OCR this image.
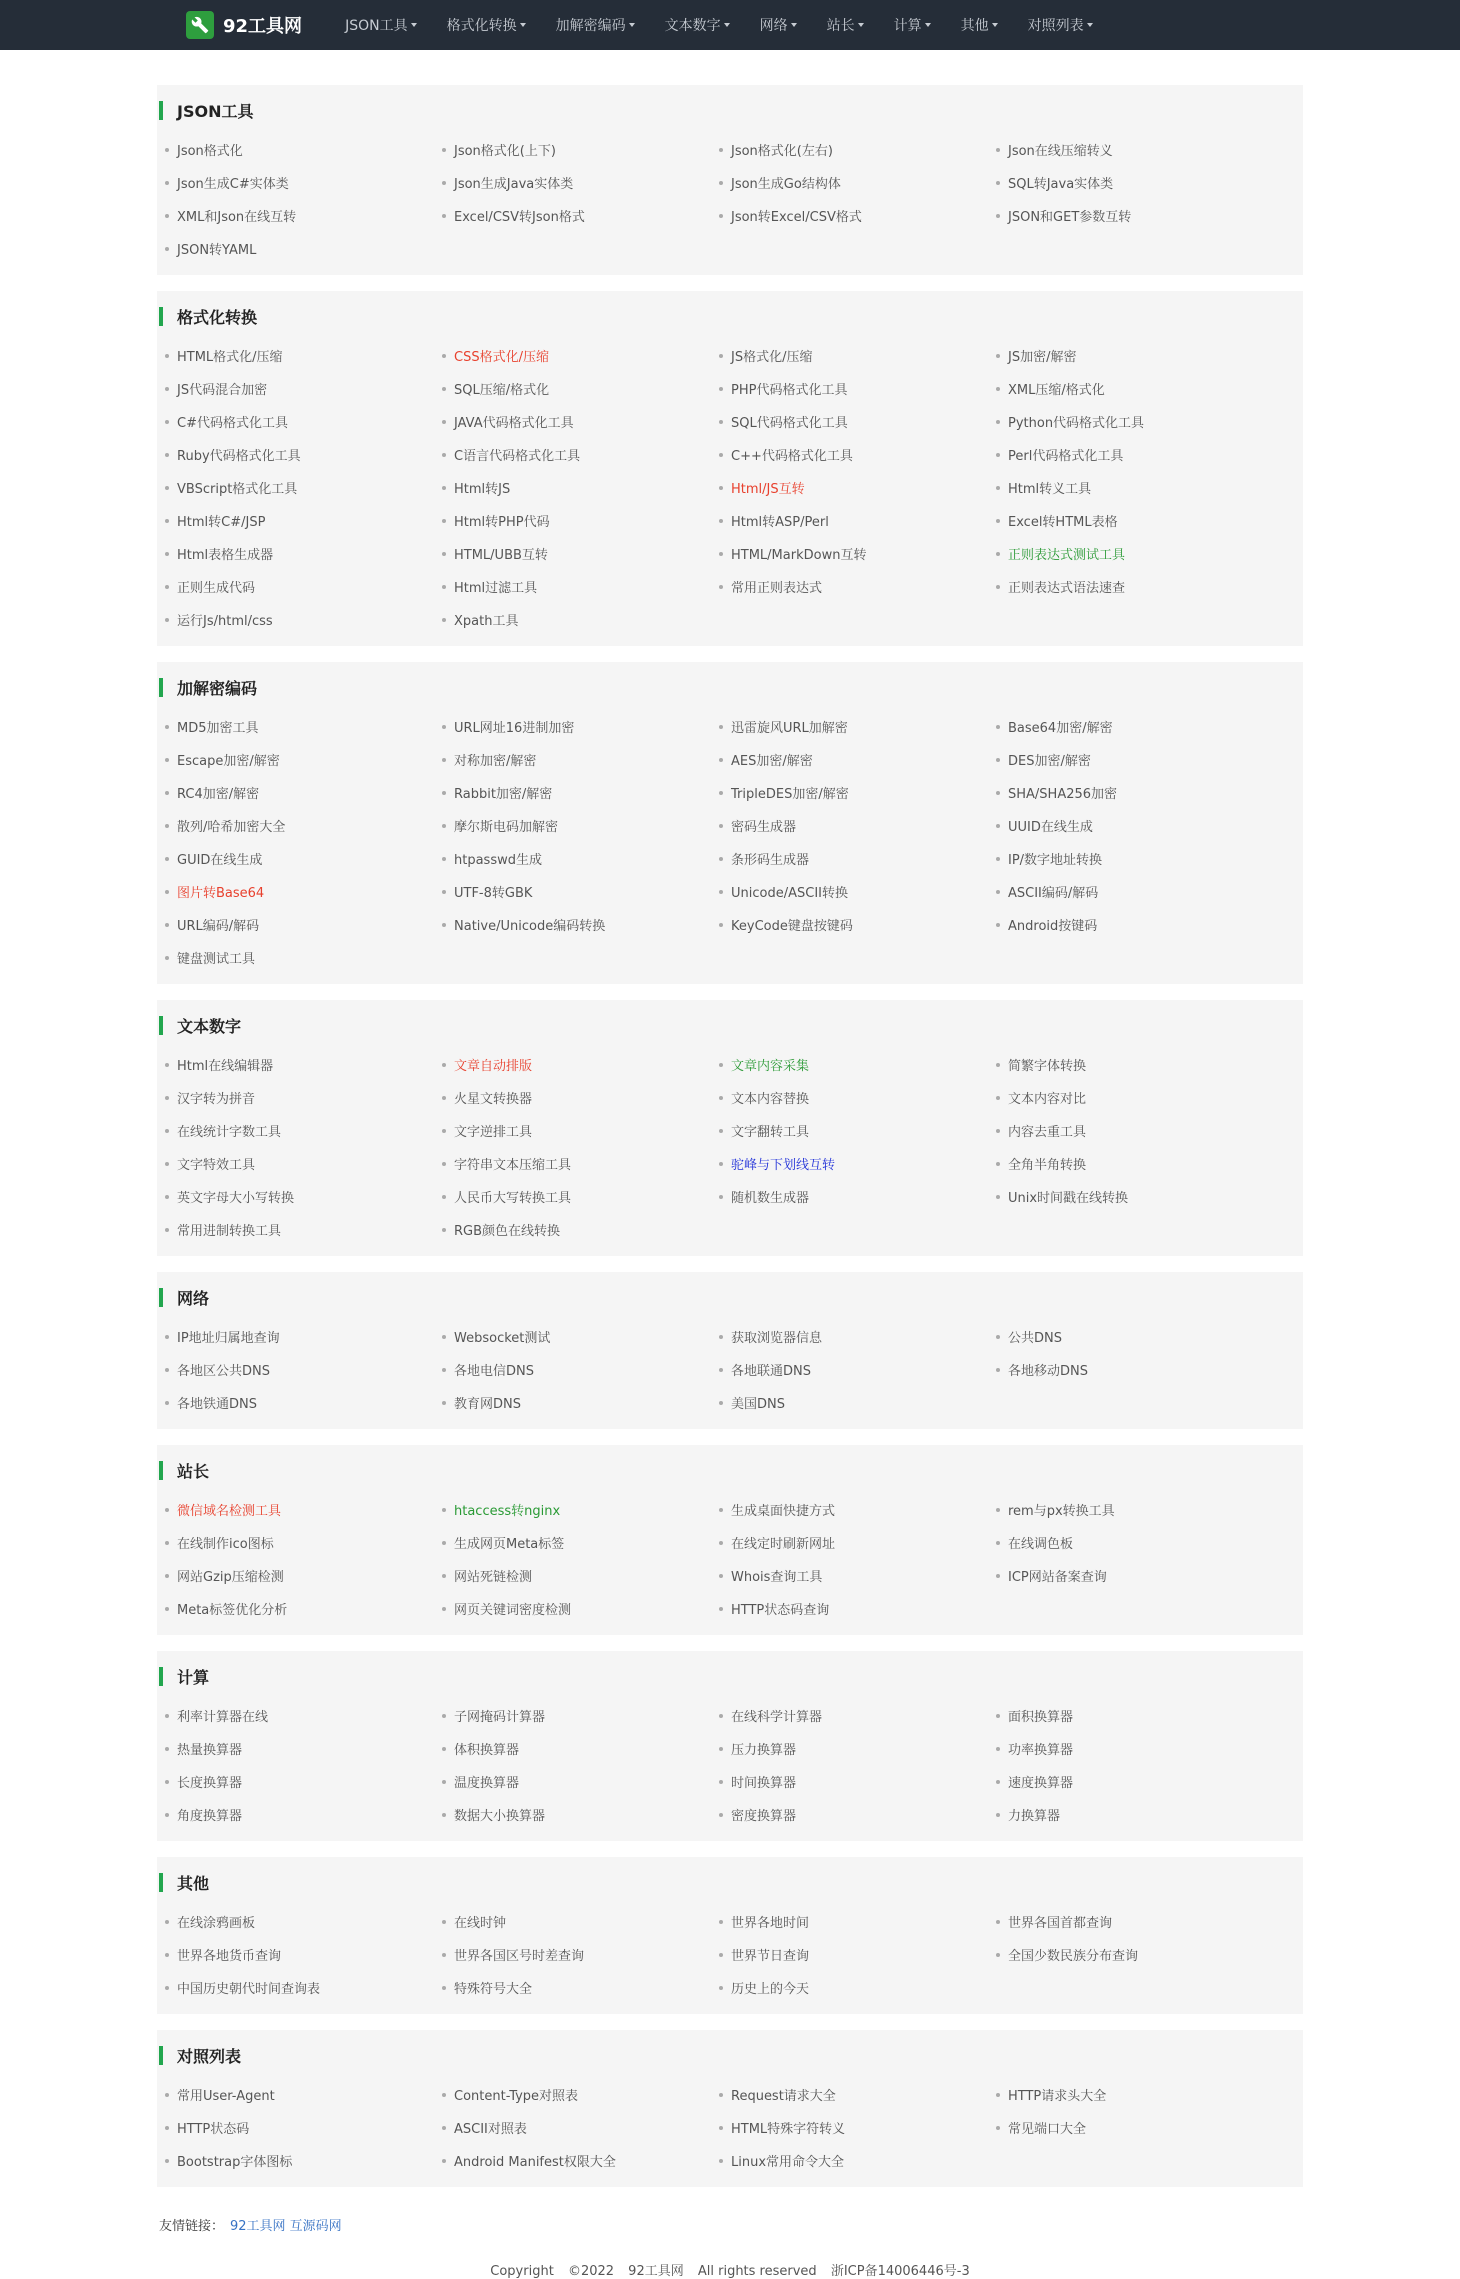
92工具网	JSON工具	格式化转换	加解密编码	文本数字	网络	站长	计算	其他	对照列表
JSON工具
Json格式化	Json格式化(上下)	Json格式化(左右)	Json在线压缩转义
Json生成C#实体类	Json生成Java实体类	Json生成Go结构体	SQL转Java实体类
XML和Json在线互转	Excel/CSV转Json格式	Json转Excel/CSV格式	JSON和GET参数互转
JSON转YAML
格式化转换
HTML格式化/压缩	CSS格式化/压缩	JS格式化/压缩	JS加密/解密
JS代码混合加密	SQL压缩/格式化	PHP代码格式化工具	XML压缩/格式化
C#代码格式化工具	JAVA代码格式化工具	SQL代码格式化工具	Python代码格式化工具
Ruby代码格式化工具	C语言代码格式化工具	C++代码格式化工具	Perl代码格式化工具
VBScript格式化工具	Html转JS	Html/JS互转	Html转义工具
Html转C#/JSP	Html转PHP代码	Html转ASP/Perl	Excel转HTML表格
Html表格生成器	HTML/UBB互转	HTML/MarkDown互转	正则表达式测试工具
正则生成代码	Html过滤工具	常用正则表达式	正则表达式语法速查
运行Js/html/css	Xpath工具
加解密编码
MD5加密工具	URL网址16进制加密	迅雷旋风URL加解密	Base64加密/解密
Escape加密/解密	对称加密/解密	AES加密/解密	DES加密/解密
RC4加密/解密	Rabbit加密/解密	TripleDES加密/解密	SHA/SHA256加密
散列/哈希加密大全	摩尔斯电码加解密	密码生成器	UUID在线生成
GUID在线生成	htpasswd生成	条形码生成器	IP/数字地址转换
图片转Base64	UTF-8转GBK	Unicode/ASCII转换	ASCII编码/解码
URL编码/解码	Native/Unicode编码转换	KeyCode键盘按键码	Android按键码
键盘测试工具
文本数字
Html在线编辑器	文章自动排版	文章内容采集	简繁字体转换
汉字转为拼音	火星文转换器	文本内容替换	文本内容对比
在线统计字数工具	文字逆排工具	文字翻转工具	内容去重工具
文字特效工具	字符串文本压缩工具	驼峰与下划线互转	全角半角转换
英文字母大小写转换	人民币大写转换工具	随机数生成器	Unix时间戳在线转换
常用进制转换工具	RGB颜色在线转换
网络
IP地址归属地查询	Websocket测试	获取浏览器信息	公共DNS
各地区公共DNS	各地电信DNS	各地联通DNS	各地移动DNS
各地铁通DNS	教育网DNS	美国DNS
站长
微信域名检测工具	htaccess转nginx	生成桌面快捷方式	rem与px转换工具
在线制作ico图标	生成网页Meta标签	在线定时刷新网址	在线调色板
网站Gzip压缩检测	网站死链检测	Whois查询工具	ICP网站备案查询
Meta标签优化分析	网页关键词密度检测	HTTP状态码查询
计算
利率计算器在线	子网掩码计算器	在线科学计算器	面积换算器
热量换算器	体积换算器	压力换算器	功率换算器
长度换算器	温度换算器	时间换算器	速度换算器
角度换算器	数据大小换算器	密度换算器	力换算器
其他
在线涂鸦画板	在线时钟	世界各地时间	世界各国首都查询
世界各地货币查询	世界各国区号时差查询	世界节日查询	全国少数民族分布查询
中国历史朝代时间查询表	特殊符号大全	历史上的今天
对照列表
常用User-Agent	Content-Type对照表	Request请求大全	HTTP请求头大全
HTTP状态码	ASCII对照表	HTML特殊字符转义	常见端口大全
Bootstrap字体图标	Android Manifest权限大全	Linux常用命令大全
友情链接： 92工具网 互源码网
Copyright ©2022 92工具网 All rights reserved 浙ICP备14006446号-3
